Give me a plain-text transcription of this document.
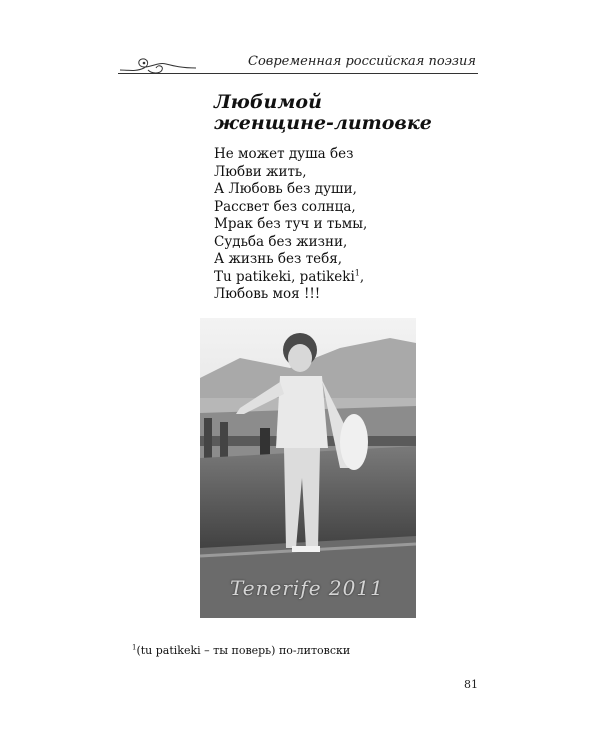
Современная российская поэзия
Любимой
женщине-литовке
Не может душа без
Любви жить,
А Любовь без души,
Рассвет без солнца,
Мрак без туч и тьмы,
Судьба без жизни,
А жизнь без тебя,
Tu patikeki, patikeki$^1$,
Любовь моя !!!
Tenerife 2011
$^1$(tu patikeki – ты поверь) по-литовски
81
